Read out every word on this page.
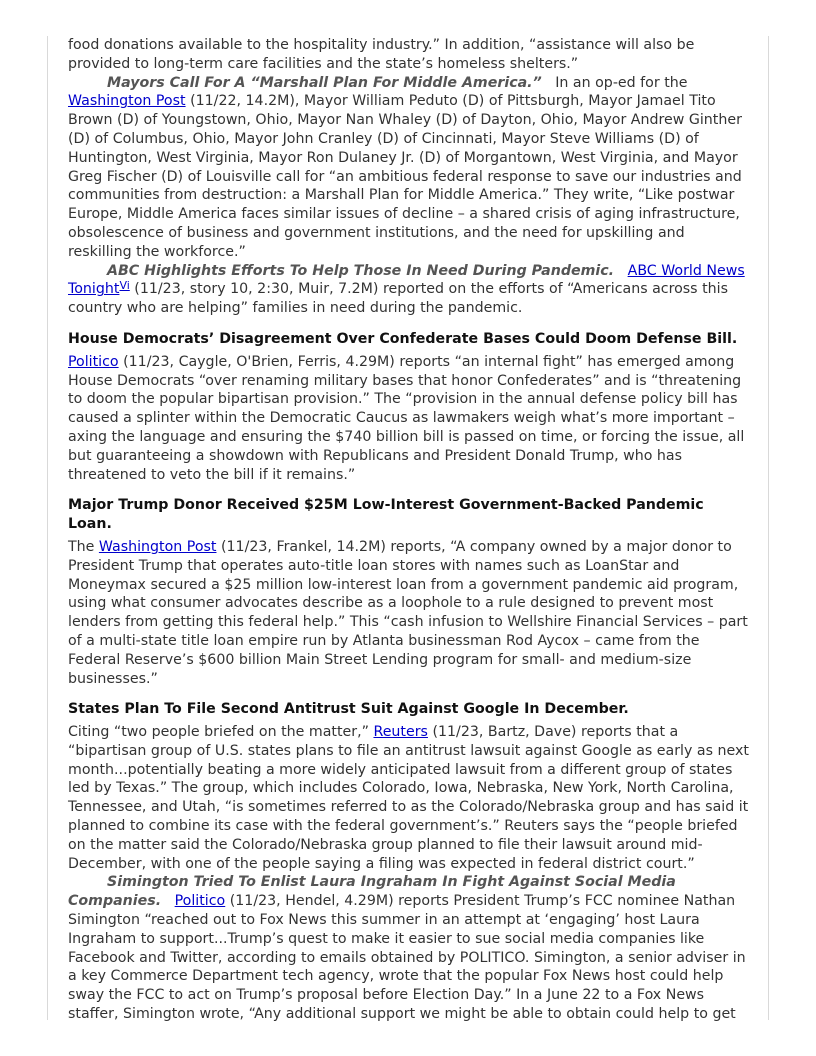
food donations available to the hospitality industry.” In addition, “assistance will also be provided to long-term care facilities and the state’s homeless shelters.”

Mayors Call For A “Marshall Plan For Middle America.” In an op-ed for the Washington Post (11/22, 14.2M), Mayor William Peduto (D) of Pittsburgh, Mayor Jamael Tito Brown (D) of Youngstown, Ohio, Mayor Nan Whaley (D) of Dayton, Ohio, Mayor Andrew Ginther (D) of Columbus, Ohio, Mayor John Cranley (D) of Cincinnati, Mayor Steve Williams (D) of Huntington, West Virginia, Mayor Ron Dulaney Jr. (D) of Morgantown, West Virginia, and Mayor Greg Fischer (D) of Louisville call for “an ambitious federal response to save our industries and communities from destruction: a Marshall Plan for Middle America.” They write, “Like postwar Europe, Middle America faces similar issues of decline – a shared crisis of aging infrastructure, obsolescence of business and government institutions, and the need for upskilling and reskilling the workforce.”

ABC Highlights Efforts To Help Those In Need During Pandemic. ABC World News Tonight$^{Vi}$ (11/23, story 10, 2:30, Muir, 7.2M) reported on the efforts of “Americans across this country who are helping” families in need during the pandemic.

House Democrats’ Disagreement Over Confederate Bases Could Doom Defense Bill.

Politico (11/23, Caygle, O'Brien, Ferris, 4.29M) reports “an internal fight” has emerged among House Democrats “over renaming military bases that honor Confederates” and is “threatening to doom the popular bipartisan provision.” The “provision in the annual defense policy bill has caused a splinter within the Democratic Caucus as lawmakers weigh what’s more important – axing the language and ensuring the $740 billion bill is passed on time, or forcing the issue, all but guaranteeing a showdown with Republicans and President Donald Trump, who has threatened to veto the bill if it remains.”

Major Trump Donor Received $25M Low-Interest Government-Backed Pandemic Loan.

The Washington Post (11/23, Frankel, 14.2M) reports, “A company owned by a major donor to President Trump that operates auto-title loan stores with names such as LoanStar and Moneymax secured a $25 million low-interest loan from a government pandemic aid program, using what consumer advocates describe as a loophole to a rule designed to prevent most lenders from getting this federal help.” This “cash infusion to Wellshire Financial Services – part of a multi-state title loan empire run by Atlanta businessman Rod Aycox – came from the Federal Reserve’s $600 billion Main Street Lending program for small- and medium-size businesses.”

States Plan To File Second Antitrust Suit Against Google In December.

Citing “two people briefed on the matter,” Reuters (11/23, Bartz, Dave) reports that a “bipartisan group of U.S. states plans to file an antitrust lawsuit against Google as early as next month...potentially beating a more widely anticipated lawsuit from a different group of states led by Texas.” The group, which includes Colorado, Iowa, Nebraska, New York, North Carolina, Tennessee, and Utah, “is sometimes referred to as the Colorado/Nebraska group and has said it planned to combine its case with the federal government’s.” Reuters says the “people briefed on the matter said the Colorado/Nebraska group planned to file their lawsuit around mid-December, with one of the people saying a filing was expected in federal district court.”

Simington Tried To Enlist Laura Ingraham In Fight Against Social Media Companies. Politico (11/23, Hendel, 4.29M) reports President Trump’s FCC nominee Nathan Simington “reached out to Fox News this summer in an attempt at ‘engaging’ host Laura Ingraham to support...Trump’s quest to make it easier to sue social media companies like Facebook and Twitter, according to emails obtained by POLITICO. Simington, a senior adviser in a key Commerce Department tech agency, wrote that the popular Fox News host could help sway the FCC to act on Trump’s proposal before Election Day.” In a June 22 to a Fox News staffer, Simington wrote, “Any additional support we might be able to obtain could help to get
